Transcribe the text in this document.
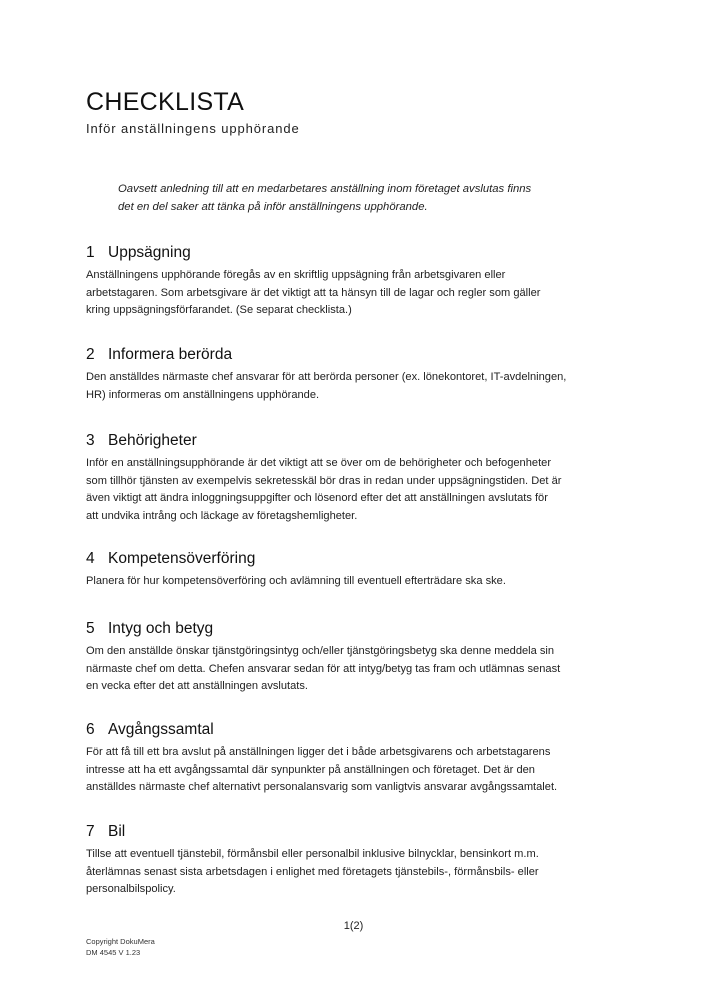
CHECKLISTA
Inför anställningens upphörande
Oavsett anledning till att en medarbetares anställning inom företaget avslutas finns
det en del saker att tänka på inför anställningens upphörande.
1 Uppsägning

Anställningens upphörande föregås av en skriftlig uppsägning från arbetsgivaren eller
arbetstagaren. Som arbetsgivare är det viktigt att ta hänsyn till de lagar och regler som gäller
kring uppsägningsförfarandet. (Se separat checklista.)

2 Informera berörda

Den anställdes närmaste chef ansvarar för att berörda personer (ex. lönekontoret, IT-avdelningen,
HR) informeras om anställningens upphörande.

3 Behörigheter

Inför en anställningsupphörande är det viktigt att se över om de behörigheter och befogenheter
som tillhör tjänsten av exempelvis sekretesskäl bör dras in redan under uppsägningstiden. Det är
även viktigt att ändra inloggningsuppgifter och lösenord efter det att anställningen avslutats för
att undvika intrång och läckage av företagshemligheter.

4 Kompetensöverföring

Planera för hur kompetensöverföring och avlämning till eventuell efterträdare ska ske.

5 Intyg och betyg

Om den anställde önskar tjänstgöringsintyg och/eller tjänstgöringsbetyg ska denne meddela sin
närmaste chef om detta. Chefen ansvarar sedan för att intyg/betyg tas fram och utlämnas senast
en vecka efter det att anställningen avslutats.

6 Avgångssamtal

För att få till ett bra avslut på anställningen ligger det i både arbetsgivarens och arbetstagarens
intresse att ha ett avgångssamtal där synpunkter på anställningen och företaget. Det är den
anställdes närmaste chef alternativt personalansvarig som vanligtvis ansvarar avgångssamtalet.

7 Bil

Tillse att eventuell tjänstebil, förmånsbil eller personalbil inklusive bilnycklar, bensinkort m.m.
återlämnas senast sista arbetsdagen i enlighet med företagets tjänstebils-, förmånsbils- eller
personalbilspolicy.

1(2)
Copyright DokuMera
DM 4545 V 1.23
